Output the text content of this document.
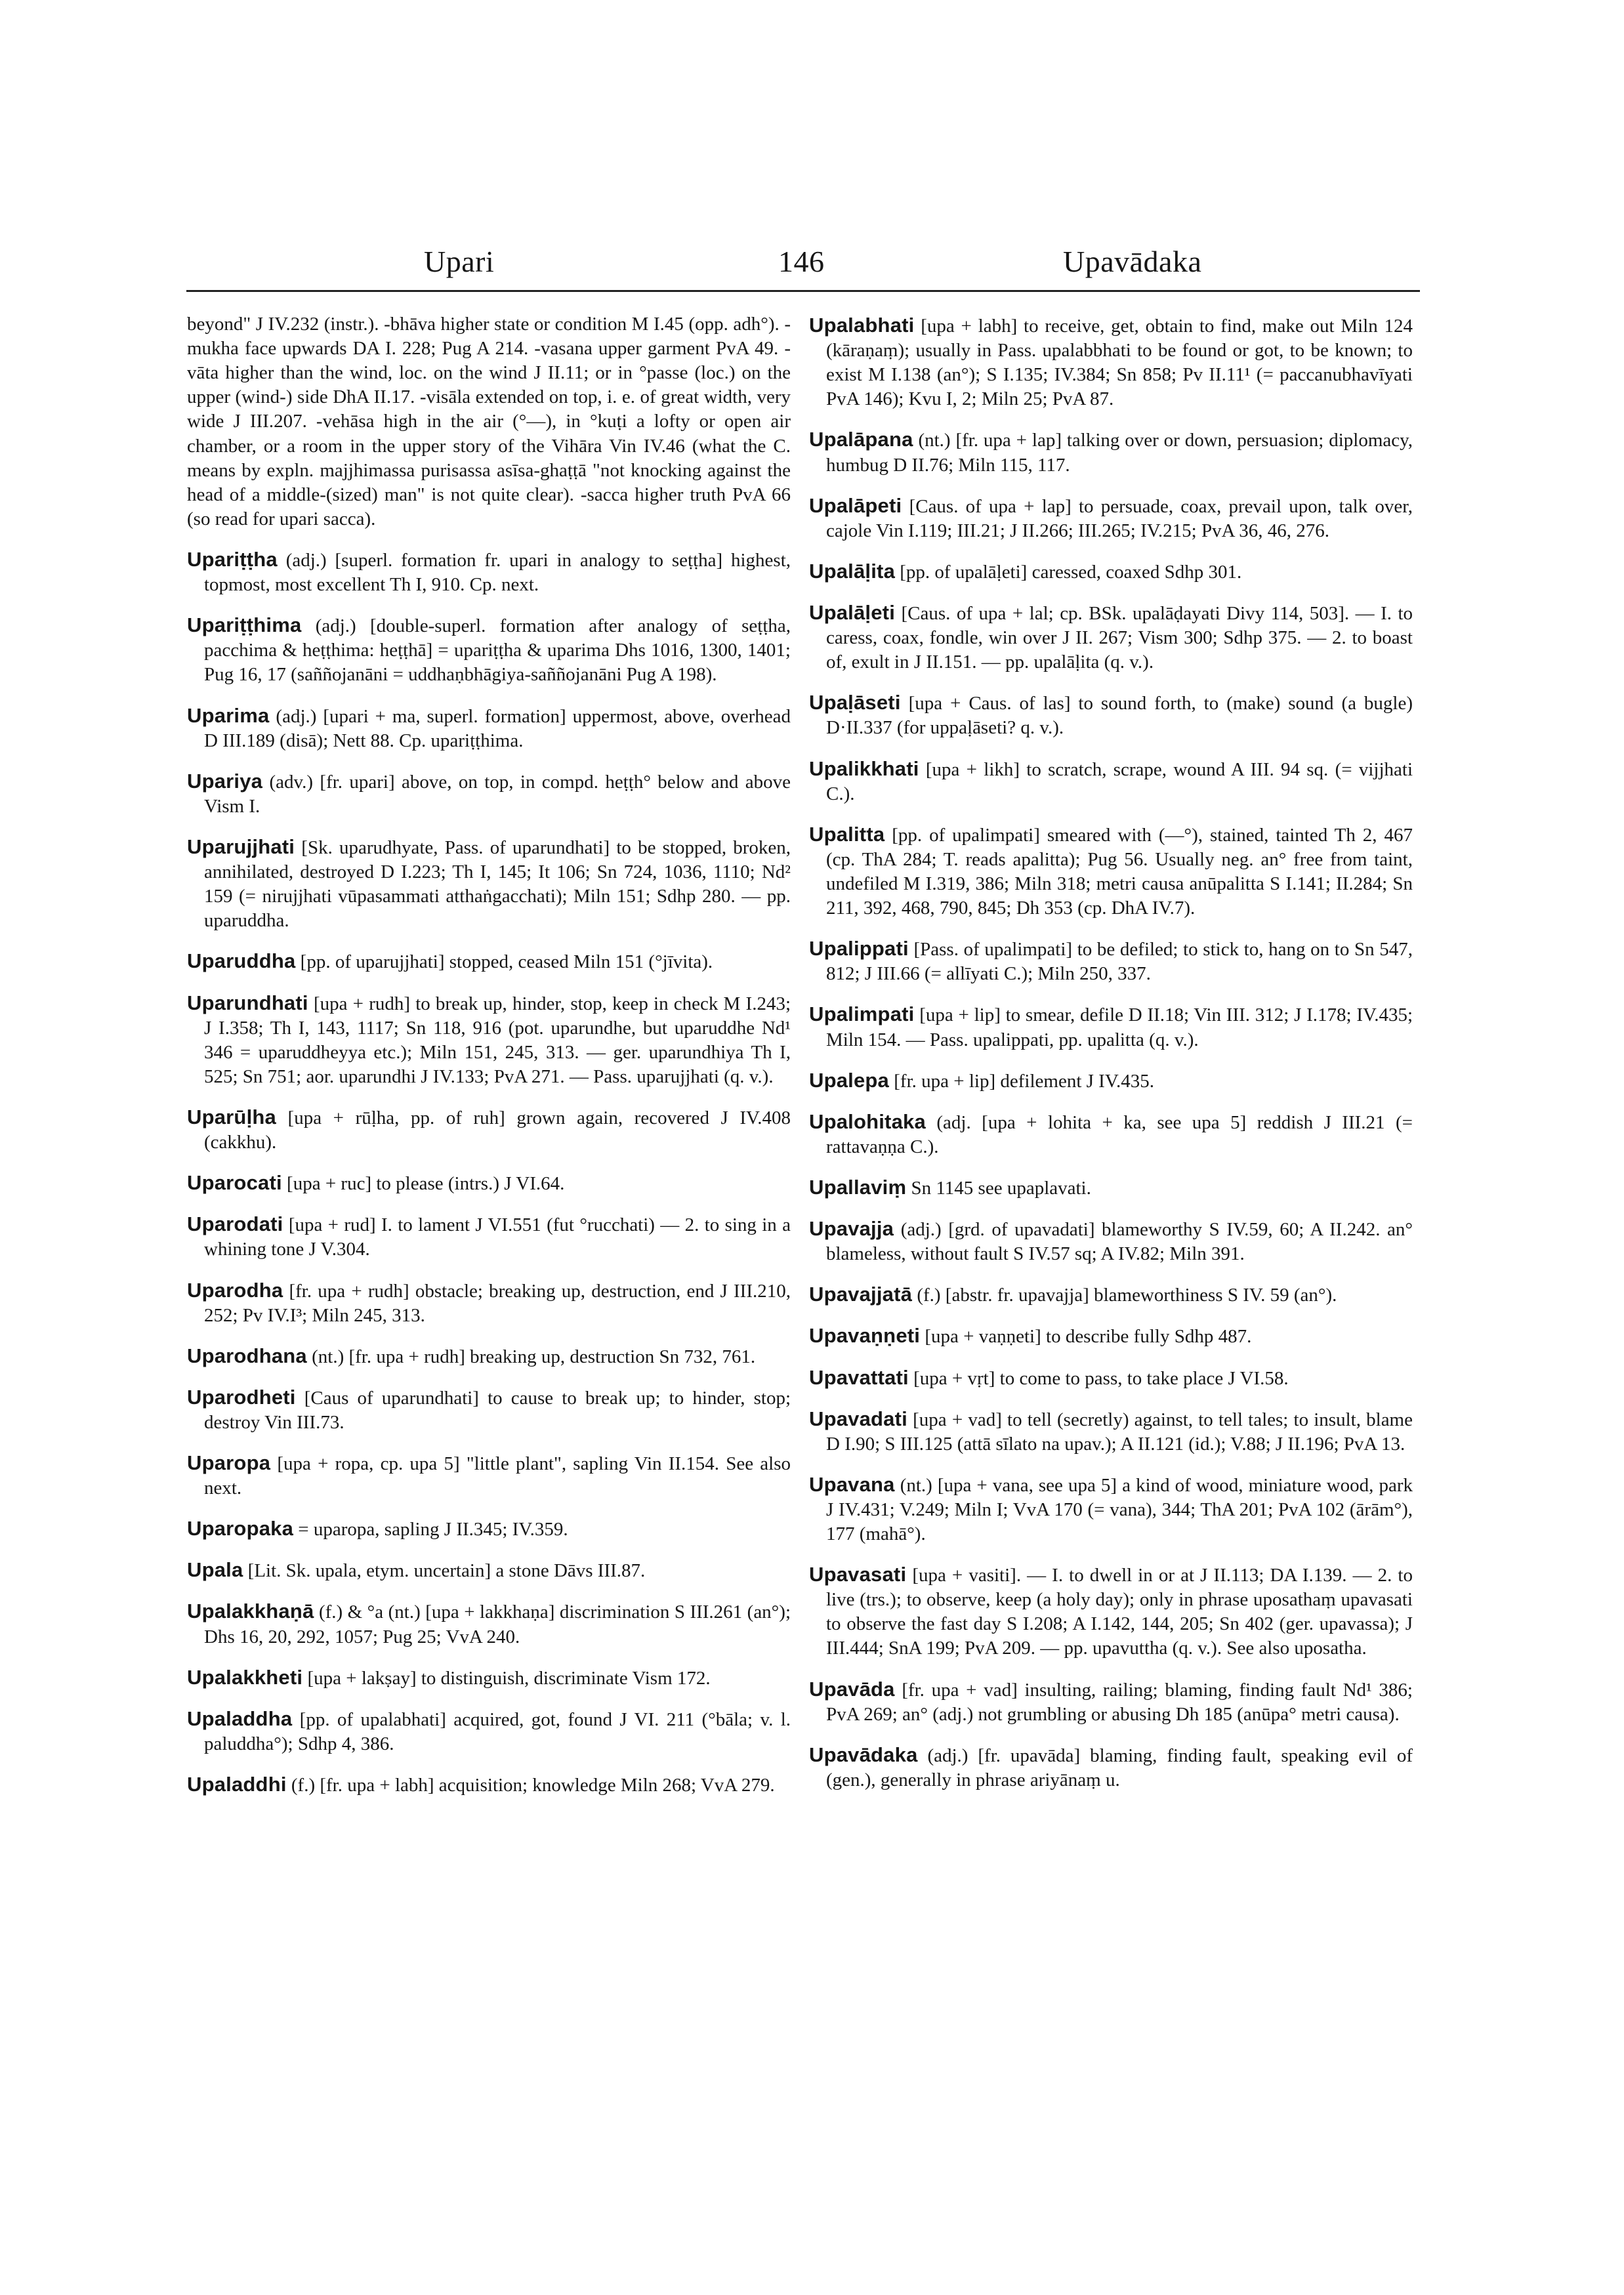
Upari	146	Upavādaka

beyond" J IV.232 (instr.). -bhāva higher state or condition M I.45 (opp. adh°). -mukha face upwards DA I. 228; Pug A 214. -vasana upper garment PvA 49. -vāta higher than the wind, loc. on the wind J II.11; or in °passe (loc.) on the upper (wind-) side DhA II.17. -visāla extended on top, i. e. of great width, very wide J III.207. -vehāsa high in the air (°—), in °kuṭi a lofty or open air chamber, or a room in the upper story of the Vihāra Vin IV.46 (what the C. means by expln. majjhimassa purisassa asīsa-ghaṭṭā "not knocking against the head of a middle-(sized) man" is not quite clear). -sacca higher truth PvA 66 (so read for upari sacca).

Upariṭṭha (adj.) [superl. formation fr. upari in analogy to seṭṭha] highest, topmost, most excellent Th I, 910. Cp. next.

Upariṭṭhima (adj.) [double-superl. formation after analogy of seṭṭha, pacchima & heṭṭhima: heṭṭhā] = upariṭṭha & uparima Dhs 1016, 1300, 1401; Pug 16, 17 (saññojanāni = uddhaṇbhāgiya-saññojanāni Pug A 198).

Uparima (adj.) [upari + ma, superl. formation] uppermost, above, overhead D III.189 (disā); Nett 88. Cp. upariṭṭhima.

Upariya (adv.) [fr. upari] above, on top, in compd. heṭṭh° below and above Vism I.

Uparujjhati [Sk. uparudhyate, Pass. of uparundhati] to be stopped, broken, annihilated, destroyed D I.223; Th I, 145; It 106; Sn 724, 1036, 1110; Nd² 159 (= nirujjhati vūpasammati atthaṅgacchati); Miln 151; Sdhp 280. — pp. uparuddha.

Uparuddha [pp. of uparujjhati] stopped, ceased Miln 151 (°jīvita).

Uparundhati [upa + rudh] to break up, hinder, stop, keep in check M I.243; J I.358; Th I, 143, 1117; Sn 118, 916 (pot. uparundhe, but uparuddhe Nd¹ 346 = uparuddheyya etc.); Miln 151, 245, 313. — ger. uparundhiya Th I, 525; Sn 751; aor. uparundhi J IV.133; PvA 271. — Pass. uparujjhati (q. v.).

Uparūḷha [upa + rūḷha, pp. of ruh] grown again, recovered J IV.408 (cakkhu).

Uparocati [upa + ruc] to please (intrs.) J VI.64.

Uparodati [upa + rud] I. to lament J VI.551 (fut °rucchati) — 2. to sing in a whining tone J V.304.

Uparodha [fr. upa + rudh] obstacle; breaking up, destruction, end J III.210, 252; Pv IV.I³; Miln 245, 313.

Uparodhana (nt.) [fr. upa + rudh] breaking up, destruction Sn 732, 761.

Uparodheti [Caus of uparundhati] to cause to break up; to hinder, stop; destroy Vin III.73.

Uparopa [upa + ropa, cp. upa 5] "little plant", sapling Vin II.154. See also next.

Uparopaka = uparopa, sapling J II.345; IV.359.

Upala [Lit. Sk. upala, etym. uncertain] a stone Dāvs III.87.

Upalakkhaṇā (f.) & °a (nt.) [upa + lakkhaṇa] discrimination S III.261 (an°); Dhs 16, 20, 292, 1057; Pug 25; VvA 240.

Upalakkheti [upa + lakṣay] to distinguish, discriminate Vism 172.

Upaladdha [pp. of upalabhati] acquired, got, found J VI. 211 (°bāla; v. l. paluddha°); Sdhp 4, 386.

Upaladdhi (f.) [fr. upa + labh] acquisition; knowledge Miln 268; VvA 279.

Upalabhati [upa + labh] to receive, get, obtain to find, make out Miln 124 (kāraṇaṃ); usually in Pass. upalabbhati to be found or got, to be known; to exist M I.138 (an°); S I.135; IV.384; Sn 858; Pv II.11¹ (= paccanubhavīyati PvA 146); Kvu I, 2; Miln 25; PvA 87.

Upalāpana (nt.) [fr. upa + lap] talking over or down, persuasion; diplomacy, humbug D II.76; Miln 115, 117.

Upalāpeti [Caus. of upa + lap] to persuade, coax, prevail upon, talk over, cajole Vin I.119; III.21; J II.266; III.265; IV.215; PvA 36, 46, 276.

Upalāḷita [pp. of upalāḷeti] caressed, coaxed Sdhp 301.

Upalāḷeti [Caus. of upa + lal; cp. BSk. upalāḍayati Divy 114, 503]. — I. to caress, coax, fondle, win over J II. 267; Vism 300; Sdhp 375. — 2. to boast of, exult in J II.151. — pp. upalāḷita (q. v.).

Upaḷāseti [upa + Caus. of las] to sound forth, to (make) sound (a bugle) D·II.337 (for uppaḷāseti? q. v.).

Upalikkhati [upa + likh] to scratch, scrape, wound A III. 94 sq. (= vijjhati C.).

Upalitta [pp. of upalimpati] smeared with (—°), stained, tainted Th 2, 467 (cp. ThA 284; T. reads apalitta); Pug 56. Usually neg. an° free from taint, undefiled M I.319, 386; Miln 318; metri causa anūpalitta S I.141; II.284; Sn 211, 392, 468, 790, 845; Dh 353 (cp. DhA IV.7).

Upalippati [Pass. of upalimpati] to be defiled; to stick to, hang on to Sn 547, 812; J III.66 (= allīyati C.); Miln 250, 337.

Upalimpati [upa + lip] to smear, defile D II.18; Vin III. 312; J I.178; IV.435; Miln 154. — Pass. upalippati, pp. upalitta (q. v.).

Upalepa [fr. upa + lip] defilement J IV.435.

Upalohitaka (adj. [upa + lohita + ka, see upa 5] reddish J III.21 (= rattavaṇṇa C.).

Upallaviṃ Sn 1145 see upaplavati.

Upavajja (adj.) [grd. of upavadati] blameworthy S IV.59, 60; A II.242. an° blameless, without fault S IV.57 sq; A IV.82; Miln 391.

Upavajjatā (f.) [abstr. fr. upavajja] blameworthiness S IV. 59 (an°).

Upavaṇṇeti [upa + vaṇṇeti] to describe fully Sdhp 487.

Upavattati [upa + vṛt] to come to pass, to take place J VI.58.

Upavadati [upa + vad] to tell (secretly) against, to tell tales; to insult, blame D I.90; S III.125 (attā sīlato na upav.); A II.121 (id.); V.88; J II.196; PvA 13.

Upavana (nt.) [upa + vana, see upa 5] a kind of wood, miniature wood, park J IV.431; V.249; Miln I; VvA 170 (= vana), 344; ThA 201; PvA 102 (ārām°), 177 (mahā°).

Upavasati [upa + vasiti]. — I. to dwell in or at J II.113; DA I.139. — 2. to live (trs.); to observe, keep (a holy day); only in phrase uposathaṃ upavasati to observe the fast day S I.208; A I.142, 144, 205; Sn 402 (ger. upavassa); J III.444; SnA 199; PvA 209. — pp. upavuttha (q. v.). See also uposatha.

Upavāda [fr. upa + vad] insulting, railing; blaming, finding fault Nd¹ 386; PvA 269; an° (adj.) not grumbling or abusing Dh 185 (anūpa° metri causa).

Upavādaka (adj.) [fr. upavāda] blaming, finding fault, speaking evil of (gen.), generally in phrase ariyānaṃ u.
